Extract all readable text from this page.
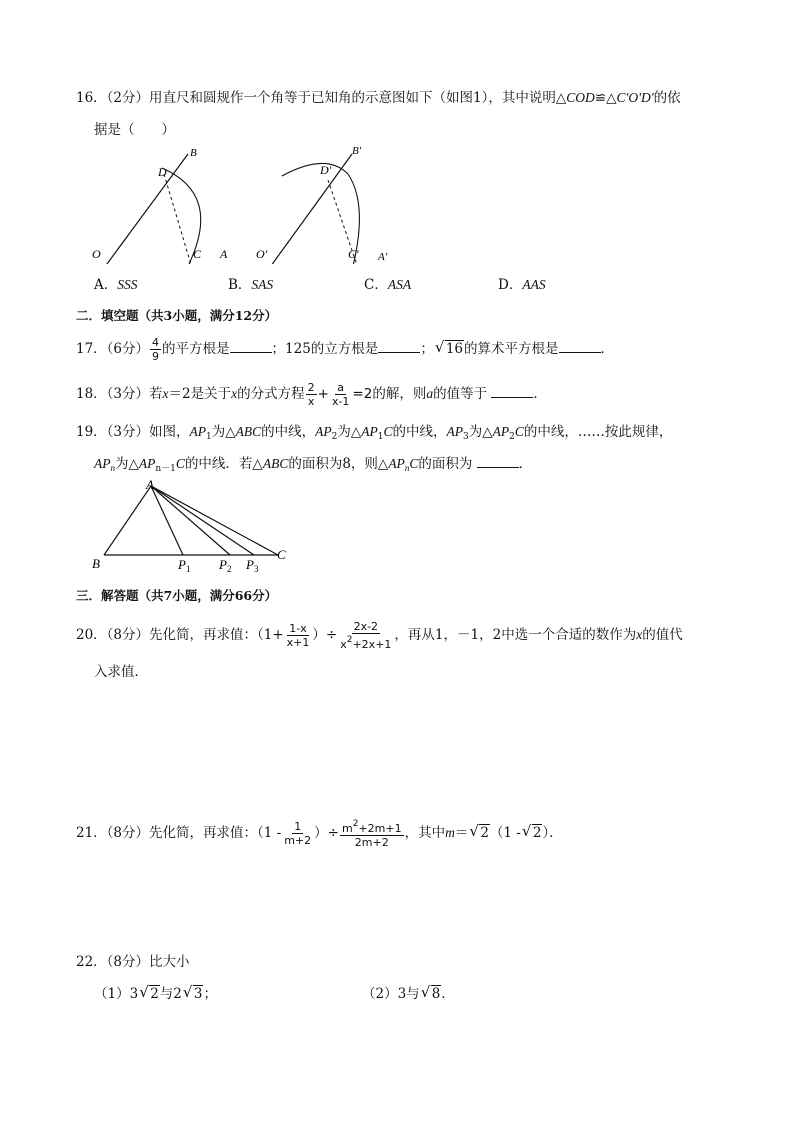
16．（2分）用直尺和圆规作一个角等于已知角的示意图如下（如图1），其中说明△COD≌△C'O'D'的依
据是（　　）
O	A
B
C
D
O'	A'
B'
C'
D'
A．SSS	B．SAS	C．ASA	D．AAS
二．填空题（共3小题，满分12分）
17．（6分） $\frac{4}{9}$ 的平方根是	；125的立方根是	； √ 16的算术平方根是	．
18．（3分）若x＝2是关于x的分式方程 $\frac{2}{x} + \frac{a}{x-1} =2$的解，则a的值等于	．
19．（3分）如图，$AP_1$为△ABC的中线，$AP_2$为$\triangle AP_1C$的中线，$AP_3$为$\triangle AP_2C$的中线，……按此规律，
$AP_n$为$\triangle AP_{n-1}C$的中线．若△ABC的面积为8，则$\triangle AP_nC$的面积为	．
A
B
C
$P_1$ $P_2$ $P_3$
三．解答题（共7小题，满分66分）
20．（8分）先化简，再求值：（$1+ \frac{1-x}{x+1}$ ）÷ $\frac{2x-2}{x^2+2x+1}$ ，再从1，－1，2中选一个合适的数作为x的值代
入求值．
21．（8分）先化简，再求值：（$1 - \frac{1}{m+2}$ ）÷ $\frac{m^2+2m+1}{2m+2}$ ，其中m＝ √ 2（1 - √ 2）．
22．（8分）比大小
（1）3 √ 2与2 √ 3；	（2）3与 √ 8．
